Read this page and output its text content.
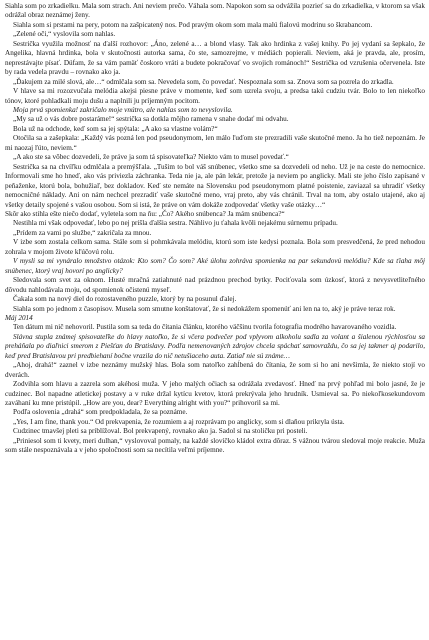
Siahla som po zrkadielku. Mala som strach. Ani neviem prečo. Váhala som. Napokon som sa odvážila pozrieť sa do zrkadielka, v ktorom sa však odrážal obraz neznámej ženy.

Siahla som si prstami na pery, potom na zašpicatený nos. Pod pravým okom som mala malú fialovú modrinu so škrabancom.

„Zelené oči,“ vyslovila som nahlas.

Sestrička využila možnosť na ďalší rozhovor: „Áno, zelené a… a blond vlasy. Tak ako hrdinka z vašej knihy. Po jej vydaní sa šepkalo, že Angelika, hlavná hrdinka, bola v skutočnosti autorka sama, čo ste, samozrejme, v médiách popierali. Neviem, aká je pravda, ale, prosím, neprestávajte písať. Dúfam, že sa vám pamäť čoskoro vráti a budete pokračovať vo svojich románoch!“ Sestrička od vzrušenia očervenela. Iste by rada vedela pravdu – rovnako ako ja.

„Ďakujem za milé slová, ale…“ odmlčala som sa. Nevedela som, čo povedať. Nespoznala som sa. Znova som sa pozrela do zrkadla.

V hlave sa mi rozozvučala melódia akejsi piesne práve v momente, keď som uzrela svoju, a predsa takú cudziu tvár. Bolo to len niekoľko tónov, ktoré pohladkali moju dušu a naplnili ju príjemným pocitom.

Moja prvá spomienka! zakričalo moje vnútro, ale nahlas som to nevyslovila.

„My sa už o vás dobre postaráme!“ sestrička sa dotkla môjho ramena v snahe dodať mi odvahu.

Bola už na odchode, keď som sa jej spýtala: „A ako sa vlastne volám?“

Otočila sa a zašepkala: „Každý vás pozná len pod pseudonymom, len málo ľuďom ste prezradili vaše skutočné meno. Ja ho tiež nepoznám. Je mi naozaj ľúto, neviem.“

„A ako ste sa vôbec dozvedeli, že práve ja som tá spisovateľka? Niekto vám to musel povedať.“

Sestrička sa na chvíľku odmlčala a premýšľala. „Tušim to bol váš snúbenec, všetko sme sa dozvedeli od neho. Už je na ceste do nemocnice. Informovali sme ho hneď, ako vás priviezla záchranka. Teda nie ja, ale pán lekár, pretože ja neviem po anglicky. Mali ste jeho číslo zapísané v peňaženke, ktorú bola, bohužiaľ, bez dokladov. Keď ste nemáte na Slovensku pod pseudonymom platné poistenie, zaviazal sa uhradiť všetky nemocničné náklady. Ani on nám nechcel prezradiť vaše skutočné meno, vraj preto, aby vás chránil. Trval na tom, aby ostalo utajené, ako aj všetky detaily spojené s vašou osobou. Som si istá, že práve on vám dokáže zodpovedať všetky vaše otázky…“

Skôr ako stihla ešte niečo dodať, vyletela som na ňu: „Čo? Akého snúbenca? Ja mám snúbenca?“

Nestihla mi však odpovedať, lebo po nej prišla ďalšia sestra. Náhlivo ju ťahala kvôli nejakému súrnemu prípadu.

„Prídem za vami po službe,“ zakričala za mnou.

V izbe som zostala celkom sama. Stále som si pohmkávala melódiu, ktorú som iste kedysi poznala. Bola som presvedčená, že pred nehodou zohrala v mojom živote kľúčovú rolu.

V mysli sa mi vynáralo množstvo otázok: Kto som? Čo som? Aké úlohu zohráva spomienka na par sekundovú melódiu? Kde sa ťiaha môj snúbenec, ktorý vraj hovorí po anglicky?

Sledovala som svet za oknom. Husté mračná zatiahnuté nad prázdnou prechod bytky. Pociťovala som úzkosť, ktorá z nevysvetliteľného dôvodu nahlodávala moju, od spomienok očistenú myseľ.

Čakala som na nový diel do rozostaveného puzzle, ktorý by na posunul ďalej.

Siahla som po jednom z časopisov. Musela som smutne konštatovať, že si nedokážem spomenúť ani len na to, aký je práve teraz rok.

Máj 2014

Ten dátum mi nič nehovoril. Pustila som sa teda do čítania článku, ktorého väčšinu tvorila fotografia modrého havarovaného vozidla.

Slávna stupla známej spisovateľke do hlavy natoľko, že si včera podvečer pod vplyvom alkoholu sadla za volant a šialenou rýchlosťou sa preháňala po diaľnici smerom z Piešťan do Bratislavy. Podľa nemenovaných zdrojov chcela spáchať samovraždu, čo sa jej takmer aj podarilo, keď pred Bratislavou pri predbiehaní bočne vrazila do nič netušiaceho auta. Zatiaľ nie sú známe…

„Ahoj, drahá!“ zaznel v izbe neznámy mužský hlas. Bola som natoľko zahĺbená do čítania, že som si ho ani nevšimla, že niekto stojí vo dverách.

Zodvihla som hlavu a zazrela som akéhosi muža. V jeho malých očiach sa odrážala zvedavosť. Hneď na prvý pohľad mi bolo jasné, že je cudzinec. Bol napadne atletickej postavy a v ruke držal kytícu kvetov, ktorá prekrývala jeho hrudník. Usmieval sa. Po niekoľkosekundovom zaváhaní ku mne pristúpil. „How are you, dear? Everything alright with you?“ prihovoril sa mi.

Podľa oslovenia „drahá“ som predpokladala, že sa poznáme.

„Yes, I am fine, thank you.“ Od prekvapenia, že rozumiem a aj rozprávam po anglicky, som si dlaňou prikryla ústa.

Cudzinec tmavšej pleti sa priblížoval. Bol prekvapený, rovnako ako ja. Sadol si na stoličku pri posteli.

„Priniesol som ti kvety, meri dulhan,“ vyslovoval pomaly, na každé slovíčko kládol extra dôraz. S vážnou tvárou sledoval moje reakcie. Muža som stále nespoznávala a v jeho spoločnosti som sa necítila veľmi príjemne.
